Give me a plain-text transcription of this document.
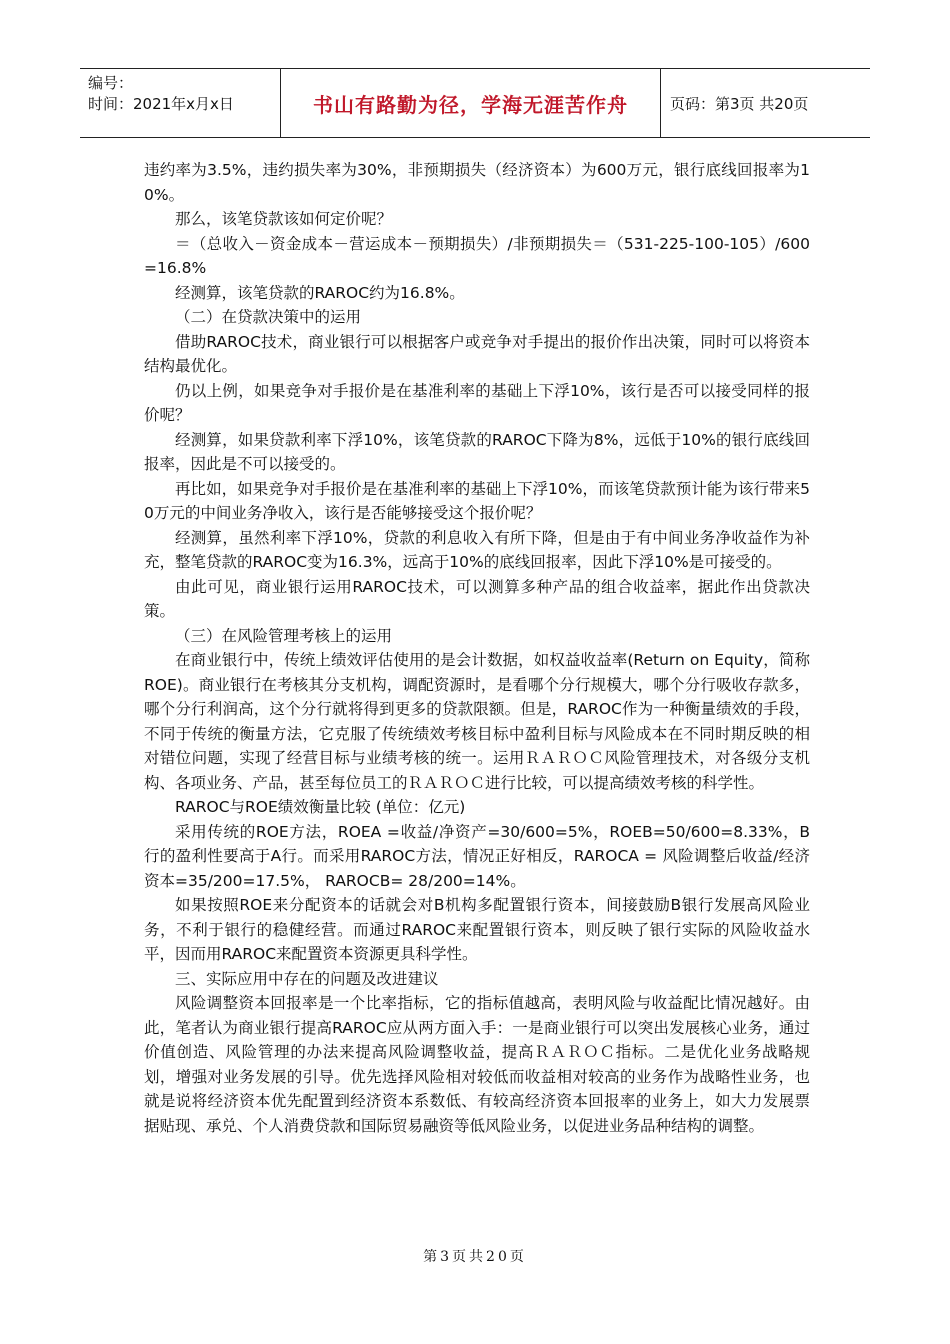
编号：
时间：2021年x月x日	书山有路勤为径，学海无涯苦作舟	页码：第3页 共20页

违约率为3.5%，违约损失率为30%，非预期损失（经济资本）为600万元，银行底线回报率为10%。

那么，该笔贷款该如何定价呢？

＝（总收入－资金成本－营运成本－预期损失）/非预期损失＝（531-225-100-105）/600=16.8%

经测算，该笔贷款的RAROC约为16.8%。

（二）在贷款决策中的运用

借助RAROC技术，商业银行可以根据客户或竞争对手提出的报价作出决策，同时可以将资本结构最优化。

仍以上例，如果竞争对手报价是在基准利率的基础上下浮10%，该行是否可以接受同样的报价呢？

经测算，如果贷款利率下浮10%，该笔贷款的RAROC下降为8%，远低于10%的银行底线回报率，因此是不可以接受的。

再比如，如果竞争对手报价是在基准利率的基础上下浮10%，而该笔贷款预计能为该行带来50万元的中间业务净收入，该行是否能够接受这个报价呢？

经测算，虽然利率下浮10%，贷款的利息收入有所下降，但是由于有中间业务净收益作为补充，整笔贷款的RAROC变为16.3%，远高于10%的底线回报率，因此下浮10%是可接受的。

由此可见，商业银行运用RAROC技术，可以测算多种产品的组合收益率，据此作出贷款决策。

（三）在风险管理考核上的运用

在商业银行中，传统上绩效评估使用的是会计数据，如权益收益率(Return on Equity，简称ROE)。商业银行在考核其分支机构，调配资源时，是看哪个分行规模大，哪个分行吸收存款多，哪个分行利润高，这个分行就将得到更多的贷款限额。但是，RAROC作为一种衡量绩效的手段，不同于传统的衡量方法，它克服了传统绩效考核目标中盈利目标与风险成本在不同时期反映的相对错位问题，实现了经营目标与业绩考核的统一。运用ＲＡＲＯＣ风险管理技术，对各级分支机构、各项业务、产品，甚至每位员工的ＲＡＲＯＣ进行比较，可以提高绩效考核的科学性。

RAROC与ROE绩效衡量比较 (单位：亿元)

采用传统的ROE方法，ROEA =收益/净资产=30/600=5%，ROEB=50/600=8.33%，B行的盈利性要高于A行。而采用RAROC方法，情况正好相反，RAROCA = 风险调整后收益/经济资本=35/200=17.5%， RAROCB= 28/200=14%。

如果按照ROE来分配资本的话就会对B机构多配置银行资本，间接鼓励B银行发展高风险业务，不利于银行的稳健经营。而通过RAROC来配置银行资本，则反映了银行实际的风险收益水平，因而用RAROC来配置资本资源更具科学性。

三、实际应用中存在的问题及改进建议

风险调整资本回报率是一个比率指标，它的指标值越高，表明风险与收益配比情况越好。由此，笔者认为商业银行提高RAROC应从两方面入手：一是商业银行可以突出发展核心业务，通过价值创造、风险管理的办法来提高风险调整收益，提高ＲＡＲＯＣ指标。二是优化业务战略规划，增强对业务发展的引导。优先选择风险相对较低而收益相对较高的业务作为战略性业务，也就是说将经济资本优先配置到经济资本系数低、有较高经济资本回报率的业务上，如大力发展票据贴现、承兑、个人消费贷款和国际贸易融资等低风险业务，以促进业务品种结构的调整。

第3页共20页
